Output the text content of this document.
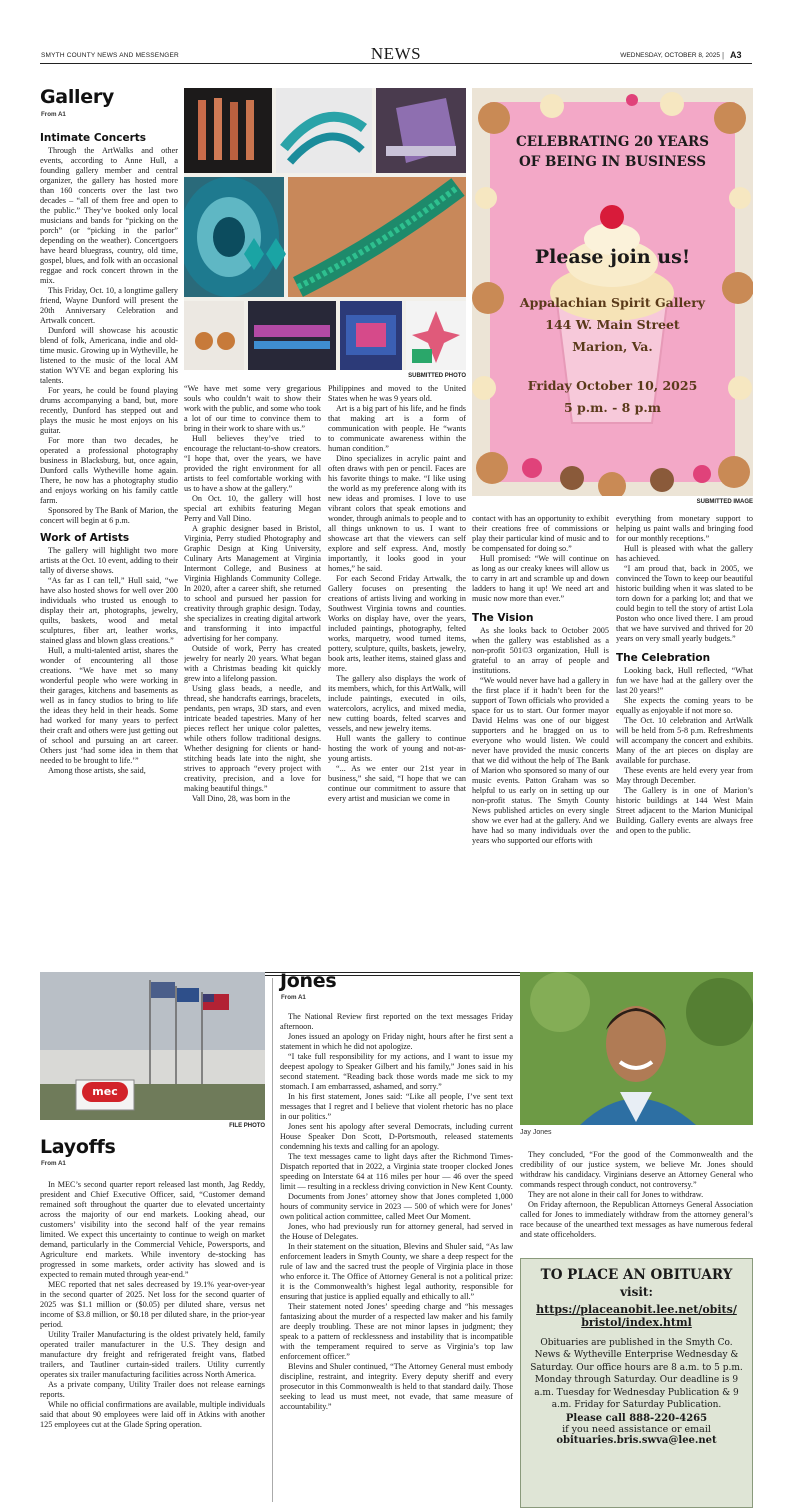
SMYTH COUNTY NEWS AND MESSENGER	NEWS	WEDNESDAY, OCTOBER 8, 2025 | A3
Gallery
From A1
Intimate Concerts

Through the ArtWalks and other events, according to Anne Hull, a founding gallery member and central organizer, the gallery has hosted more than 160 concerts over the last two decades – “all of them free and open to the public.” They’ve booked only local musicians and bands for “picking on the porch” (or “picking in the parlor” depending on the weather). Concertgoers have heard bluegrass, country, old time, gospel, blues, and folk with an occasional reggae and rock concert thrown in the mix.

This Friday, Oct. 10, a longtime gallery friend, Wayne Dunford will present the 20th Anniversary Celebration and Artwalk concert.

Dunford will showcase his acoustic blend of folk, Americana, indie and old-time music. Growing up in Wytheville, he listened to the music of the local AM station WYVE and began exploring his talents.

For years, he could be found playing drums accompanying a band, but, more recently, Dunford has stepped out and plays the music he most enjoys on his guitar.

For more than two decades, he operated a professional photography business in Blacksburg, but, once again, Dunford calls Wytheville home again. There, he now has a photography studio and enjoys working on his family cattle farm.

Sponsored by The Bank of Marion, the concert will begin at 6 p.m.

Work of Artists

The gallery will highlight two more artists at the Oct. 10 event, adding to their tally of diverse shows.

“As far as I can tell,” Hull said, “we have also hosted shows for well over 200 individuals who trusted us enough to display their art, photographs, jewelry, quilts, baskets, wood and metal sculptures, fiber art, leather works, stained glass and blown glass creations.”

Hull, a multi-talented artist, shares the wonder of encountering all those creations. “We have met so many wonderful people who were working in their garages, kitchens and basements as well as in fancy studios to bring to life the ideas they held in their heads. Some had worked for many years to perfect their craft and others were just getting out of school and pursuing an art career. Others just ‘had some idea in them that needed to be brought to life.’”

Among those artists, she said,

SUBMITTED PHOTO

“We have met some very gregarious souls who couldn’t wait to show their work with the public, and some who took a lot of our time to convince them to bring in their work to share with us.”

Hull believes they’ve tried to encourage the reluctant-to-show creators. “I hope that, over the years, we have provided the right environment for all artists to feel comfortable working with us to have a show at the gallery.”

On Oct. 10, the gallery will host special art exhibits featuring Megan Perry and Vall Dino.

A graphic designer based in Bristol, Virginia, Perry studied Photography and Graphic Design at King University, Culinary Arts Management at Virginia Intermont College, and Business at Virginia Highlands Community College. In 2020, after a career shift, she returned to school and pursued her passion for creativity through graphic design. Today, she specializes in creating digital artwork and transforming it into impactful advertising for her company.

Outside of work, Perry has created jewelry for nearly 20 years. What began with a Christmas beading kit quickly grew into a lifelong passion.

Using glass beads, a needle, and thread, she handcrafts earrings, bracelets, pendants, pen wraps, 3D stars, and even intricate beaded tapestries. Many of her pieces reflect her unique color palettes, while others follow traditional designs. Whether designing for clients or hand-stitching beads late into the night, she strives to approach “every project with creativity, precision, and a love for making beautiful things.”

Vall Dino, 28, was born in the

Philippines and moved to the United States when he was 9 years old.

Art is a big part of his life, and he finds that making art is a form of communication with people. He “wants to communicate awareness within the human condition.”

Dino specializes in acrylic paint and often draws with pen or pencil. Faces are his favorite things to make. “I like using the world as my preference along with its new ideas and promises. I love to use vibrant colors that speak emotions and wonder, through animals to people and to all things unknown to us. I want to showcase art that the viewers can self explore and self express. And, mostly importantly, it looks good in your homes,” he said.

For each Second Friday Artwalk, the Gallery focuses on presenting the creations of artists living and working in Southwest Virginia towns and counties. Works on display have, over the years, included paintings, photography, felted works, marquetry, wood turned items, pottery, sculpture, quilts, baskets, jewelry, book arts, leather items, stained glass and more.

The gallery also displays the work of its members, which, for this ArtWalk, will include paintings, executed in oils, watercolors, acrylics, and mixed media, new cutting boards, felted scarves and vessels, and new jewelry items.

Hull wants the gallery to continue hosting the work of young and not-as-young artists.

“... As we enter our 21st year in business,” she said, “I hope that we can continue our commitment to assure that every artist and musician we come in

CELEBRATING 20 YEARS
OF BEING IN BUSINESS
Please join us!
Appalachian Spirit Gallery
144 W. Main Street
Marion, Va.
Friday October 10, 2025
5 p.m. - 8 p.m
SUBMITTED IMAGE

contact with has an opportunity to exhibit their creations free of commissions or play their particular kind of music and to be compensated for doing so.”

Hull promised: “We will continue on as long as our creaky knees will allow us to carry in art and scramble up and down ladders to hang it up! We need art and music now more than ever.”

The Vision

As she looks back to October 2005 when the gallery was established as a non-profit 501©3 organization, Hull is grateful to an array of people and institutions.

“We would never have had a gallery in the first place if it hadn’t been for the support of Town officials who provided a space for us to start. Our former mayor David Helms was one of our biggest supporters and he bragged on us to everyone who would listen. We could never have provided the music concerts that we did without the help of The Bank of Marion who sponsored so many of our music events. Patton Graham was so helpful to us early on in setting up our non-profit status. The Smyth County News published articles on every single show we ever had at the gallery. And we have had so many individuals over the years who supported our efforts with

everything from monetary support to helping us paint walls and bringing food for our monthly receptions.”

Hull is pleased with what the gallery has achieved.

“I am proud that, back in 2005, we convinced the Town to keep our beautiful historic building when it was slated to be torn down for a parking lot; and that we could begin to tell the story of artist Lola Poston who once lived there. I am proud that we have survived and thrived for 20 years on very small yearly budgets.”

The Celebration

Looking back, Hull reflected, “What fun we have had at the gallery over the last 20 years!”

She expects the coming years to be equally as enjoyable if not more so.

The Oct. 10 celebration and ArtWalk will be held from 5-8 p.m. Refreshments will accompany the concert and exhibits. Many of the art pieces on display are available for purchase.

These events are held every year from May through December.

The Gallery is in one of Marion’s historic buildings at 144 West Main Street adjacent to the Marion Municipal Building. Gallery events are always free and open to the public.

mec
FILE PHOTO
Layoffs
From A1

In MEC’s second quarter report released last month, Jag Reddy, president and Chief Executive Officer, said, “Customer demand remained soft throughout the quarter due to elevated uncertainty across the majority of our end markets. Looking ahead, our customers’ visibility into the second half of the year remains limited. We expect this uncertainty to continue to weigh on market demand, particularly in the Commercial Vehicle, Powersports, and Agriculture end markets. While inventory de-stocking has progressed in some markets, order activity has slowed and is expected to remain muted through year-end.”

MEC reported that net sales decreased by 19.1% year-over-year in the second quarter of 2025. Net loss for the second quarter of 2025 was $1.1 million or ($0.05) per diluted share, versus net income of $3.8 million, or $0.18 per diluted share, in the prior-year period.

Utility Trailer Manufacturing is the oldest privately held, family operated trailer manufacturer in the U.S. They design and manufacture dry freight and refrigerated freight vans, flatbed trailers, and Tautliner curtain-sided trailers. Utility currently operates six trailer manufacturing facilities across North America.

As a private company, Utility Trailer does not release earnings reports.

While no official confirmations are available, multiple individuals said that about 90 employees were laid off in Atkins with another 125 employees cut at the Glade Spring operation.

Jones
From A1

The National Review first reported on the text messages Friday afternoon.

Jones issued an apology on Friday night, hours after he first sent a statement in which he did not apologize.

“I take full responsibility for my actions, and I want to issue my deepest apology to Speaker Gilbert and his family,” Jones said in his second statement. “Reading back those words made me sick to my stomach. I am embarrassed, ashamed, and sorry.”

In his first statement, Jones said: “Like all people, I’ve sent text messages that I regret and I believe that violent rhetoric has no place in our politics.”

Jones sent his apology after several Democrats, including current House Speaker Don Scott, D-Portsmouth, released statements condemning his texts and calling for an apology.

The text messages came to light days after the Richmond Times-Dispatch reported that in 2022, a Virginia state trooper clocked Jones speeding on Interstate 64 at 116 miles per hour — 46 over the speed limit — resulting in a reckless driving conviction in New Kent County.

Documents from Jones’ attorney show that Jones completed 1,000 hours of community service in 2023 — 500 of which were for Jones’ own political action committee, called Meet Our Moment.

Jones, who had previously run for attorney general, had served in the House of Delegates.

In their statement on the situation, Blevins and Shuler said, “As law enforcement leaders in Smyth County, we share a deep respect for the rule of law and the sacred trust the people of Virginia place in those who enforce it. The Office of Attorney General is not a political prize: it is the Commonwealth’s highest legal authority, responsible for ensuring that justice is applied equally and ethically to all.”

Their statement noted Jones’ speeding charge and “his messages fantasizing about the murder of a respected law maker and his family are deeply troubling. These are not minor lapses in judgment; they speak to a pattern of recklessness and instability that is incompatible with the temperament required to serve as Virginia’s top law enforcement officer.”

Blevins and Shuler continued, “The Attorney General must embody discipline, restraint, and integrity. Every deputy sheriff and every prosecutor in this Commonwealth is held to that standard daily. Those seeking to lead us must meet, not evade, that same measure of accountability.”

Jay Jones

They concluded, “For the good of the Commonwealth and the credibility of our justice system, we believe Mr. Jones should withdraw his candidacy. Virginians deserve an Attorney General who commands respect through conduct, not controversy.”

They are not alone in their call for Jones to withdraw.

On Friday afternoon, the Republican Attorneys General Association called for Jones to immediately withdraw from the attorney general’s race because of the unearthed text messages as have numerous federal and state officeholders.

TO PLACE AN OBITUARY
visit:
https://placeanobit.lee.net/obits/
bristol/index.html
Obituaries are published in the Smyth Co. News & Wytheville Enterprise Wednesday & Saturday. Our office hours are 8 a.m. to 5 p.m. Monday through Saturday. Our deadline is 9 a.m. Tuesday for Wednesday Publication & 9 a.m. Friday for Saturday Publication.
Please call 888-220-4265
if you need assistance or email
obituaries.bris.swva@lee.net
